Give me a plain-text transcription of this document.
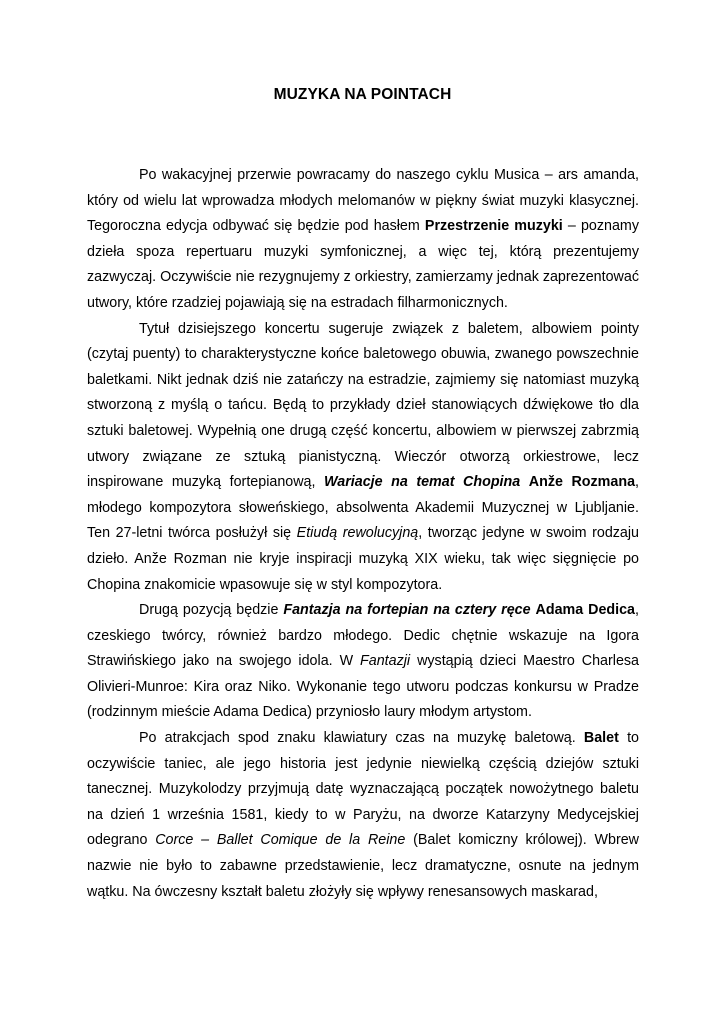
MUZYKA NA POINTACH

Po wakacyjnej przerwie powracamy do naszego cyklu Musica – ars amanda, który od wielu lat wprowadza młodych melomanów w piękny świat muzyki klasycznej. Tegoroczna edycja odbywać się będzie pod hasłem Przestrzenie muzyki – poznamy dzieła spoza repertuaru muzyki symfonicznej, a więc tej, którą prezentujemy zazwyczaj. Oczywiście nie rezygnujemy z orkiestry, zamierzamy jednak zaprezentować utwory, które rzadziej pojawiają się na estradach filharmonicznych.

Tytuł dzisiejszego koncertu sugeruje związek z baletem, albowiem pointy (czytaj puenty) to charakterystyczne końce baletowego obuwia, zwanego powszechnie baletkami. Nikt jednak dziś nie zatańczy na estradzie, zajmiemy się natomiast muzyką stworzoną z myślą o tańcu. Będą to przykłady dzieł stanowiących dźwiękowe tło dla sztuki baletowej. Wypełnią one drugą część koncertu, albowiem w pierwszej zabrzmią utwory związane ze sztuką pianistyczną. Wieczór otworzą orkiestrowe, lecz inspirowane muzyką fortepianową, Wariacje na temat Chopina Anže Rozmana, młodego kompozytora słoweńskiego, absolwenta Akademii Muzycznej w Ljubljanie. Ten 27-letni twórca posłużył się Etiudą rewolucyjną, tworząc jedyne w swoim rodzaju dzieło. Anže Rozman nie kryje inspiracji muzyką XIX wieku, tak więc sięgnięcie po Chopina znakomicie wpasowuje się w styl kompozytora.

Drugą pozycją będzie Fantazja na fortepian na cztery ręce Adama Dedica, czeskiego twórcy, również bardzo młodego. Dedic chętnie wskazuje na Igora Strawińskiego jako na swojego idola. W Fantazji wystąpią dzieci Maestro Charlesa Olivieri-Munroe: Kira oraz Niko. Wykonanie tego utworu podczas konkursu w Pradze (rodzinnym mieście Adama Dedica) przyniosło laury młodym artystom.

Po atrakcjach spod znaku klawiatury czas na muzykę baletową. Balet to oczywiście taniec, ale jego historia jest jedynie niewielką częścią dziejów sztuki tanecznej. Muzykolodzy przyjmują datę wyznaczającą początek nowożytnego baletu na dzień 1 września 1581, kiedy to w Paryżu, na dworze Katarzyny Medycejskiej odegrano Corce – Ballet Comique de la Reine (Balet komiczny królowej). Wbrew nazwie nie było to zabawne przedstawienie, lecz dramatyczne, osnute na jednym wątku. Na ówczesny kształt baletu złożyły się wpływy renesansowych maskarad,
